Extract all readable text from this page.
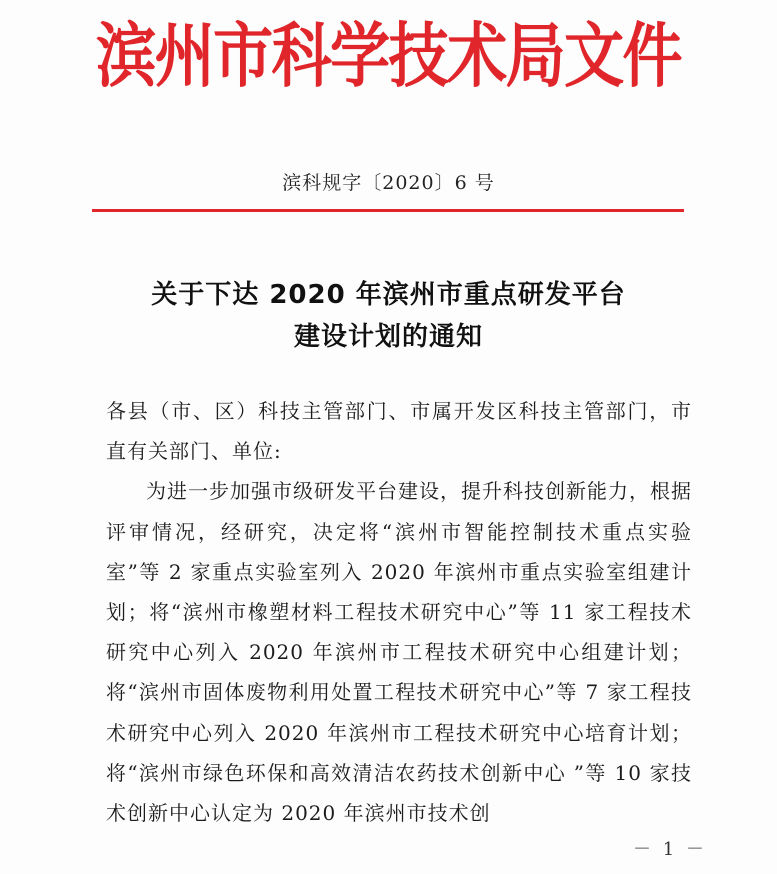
滨州市科学技术局文件
滨科规字〔2020〕6 号
关于下达 2020 年滨州市重点研发平台
建设计划的通知

各县（市、区）科技主管部门、市属开发区科技主管部门，市直有关部门、单位:

为进一步加强市级研发平台建设，提升科技创新能力，根据评审情况，经研究，决定将“滨州市智能控制技术重点实验室”等 2 家重点实验室列入 2020 年滨州市重点实验室组建计划；将“滨州市橡塑材料工程技术研究中心”等 11 家工程技术研究中心列入 2020 年滨州市工程技术研究中心组建计划；将“滨州市固体废物利用处置工程技术研究中心”等 7 家工程技术研究中心列入 2020 年滨州市工程技术研究中心培育计划；将“滨州市绿色环保和高效清洁农药技术创新中心 ”等 10 家技术创新中心认定为 2020 年滨州市技术创

－ 1 －
